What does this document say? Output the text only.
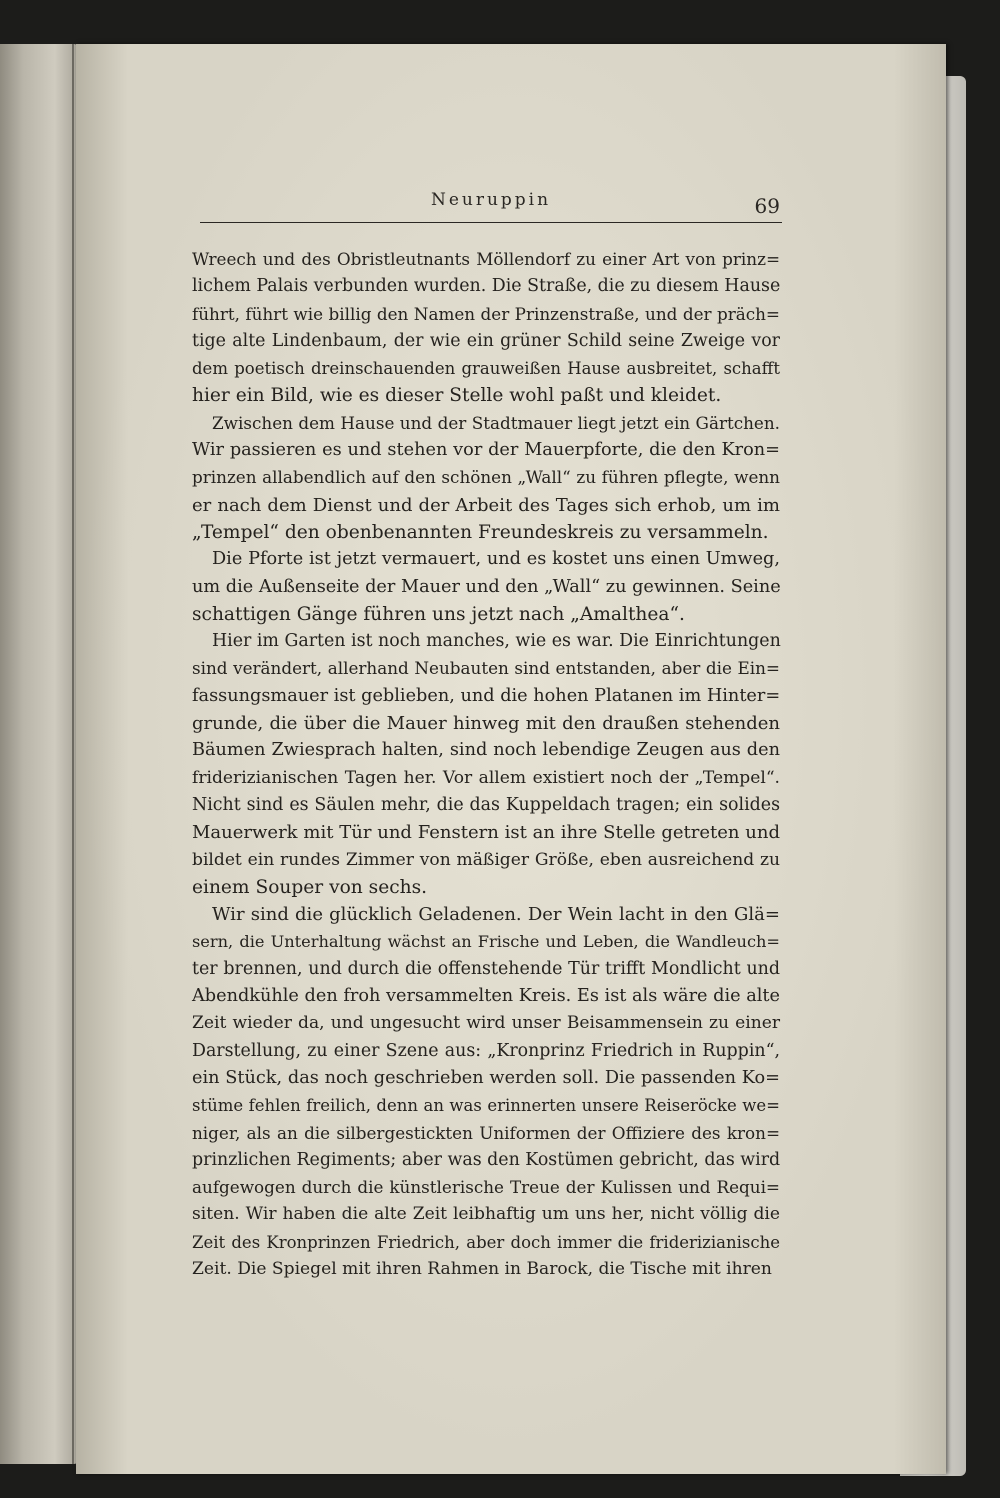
Neuruppin	69
Wreech und des Obristleutnants Möllendorf zu einer Art von prinz=
lichem Palais verbunden wurden. Die Straße, die zu diesem Hause
führt, führt wie billig den Namen der Prinzenstraße, und der präch=
tige alte Lindenbaum, der wie ein grüner Schild seine Zweige vor
dem poetisch dreinschauenden grauweißen Hause ausbreitet, schafft
hier ein Bild, wie es dieser Stelle wohl paßt und kleidet.
Zwischen dem Hause und der Stadtmauer liegt jetzt ein Gärtchen.
Wir passieren es und stehen vor der Mauerpforte, die den Kron=
prinzen allabendlich auf den schönen „Wall“ zu führen pflegte, wenn
er nach dem Dienst und der Arbeit des Tages sich erhob, um im
„Tempel“ den obenbenannten Freundeskreis zu versammeln.
Die Pforte ist jetzt vermauert, und es kostet uns einen Umweg,
um die Außenseite der Mauer und den „Wall“ zu gewinnen. Seine
schattigen Gänge führen uns jetzt nach „Amalthea“.
Hier im Garten ist noch manches, wie es war. Die Einrichtungen
sind verändert, allerhand Neubauten sind entstanden, aber die Ein=
fassungsmauer ist geblieben, und die hohen Platanen im Hinter=
grunde, die über die Mauer hinweg mit den draußen stehenden
Bäumen Zwiesprach halten, sind noch lebendige Zeugen aus den
friderizianischen Tagen her. Vor allem existiert noch der „Tempel“.
Nicht sind es Säulen mehr, die das Kuppeldach tragen; ein solides
Mauerwerk mit Tür und Fenstern ist an ihre Stelle getreten und
bildet ein rundes Zimmer von mäßiger Größe, eben ausreichend zu
einem Souper von sechs.
Wir sind die glücklich Geladenen. Der Wein lacht in den Glä=
sern, die Unterhaltung wächst an Frische und Leben, die Wandleuch=
ter brennen, und durch die offenstehende Tür trifft Mondlicht und
Abendkühle den froh versammelten Kreis. Es ist als wäre die alte
Zeit wieder da, und ungesucht wird unser Beisammensein zu einer
Darstellung, zu einer Szene aus: „Kronprinz Friedrich in Ruppin“,
ein Stück, das noch geschrieben werden soll. Die passenden Ko=
stüme fehlen freilich, denn an was erinnerten unsere Reiseröcke we=
niger, als an die silbergestickten Uniformen der Offiziere des kron=
prinzlichen Regiments; aber was den Kostümen gebricht, das wird
aufgewogen durch die künstlerische Treue der Kulissen und Requi=
siten. Wir haben die alte Zeit leibhaftig um uns her, nicht völlig die
Zeit des Kronprinzen Friedrich, aber doch immer die friderizianische
Zeit. Die Spiegel mit ihren Rahmen in Barock, die Tische mit ihren
